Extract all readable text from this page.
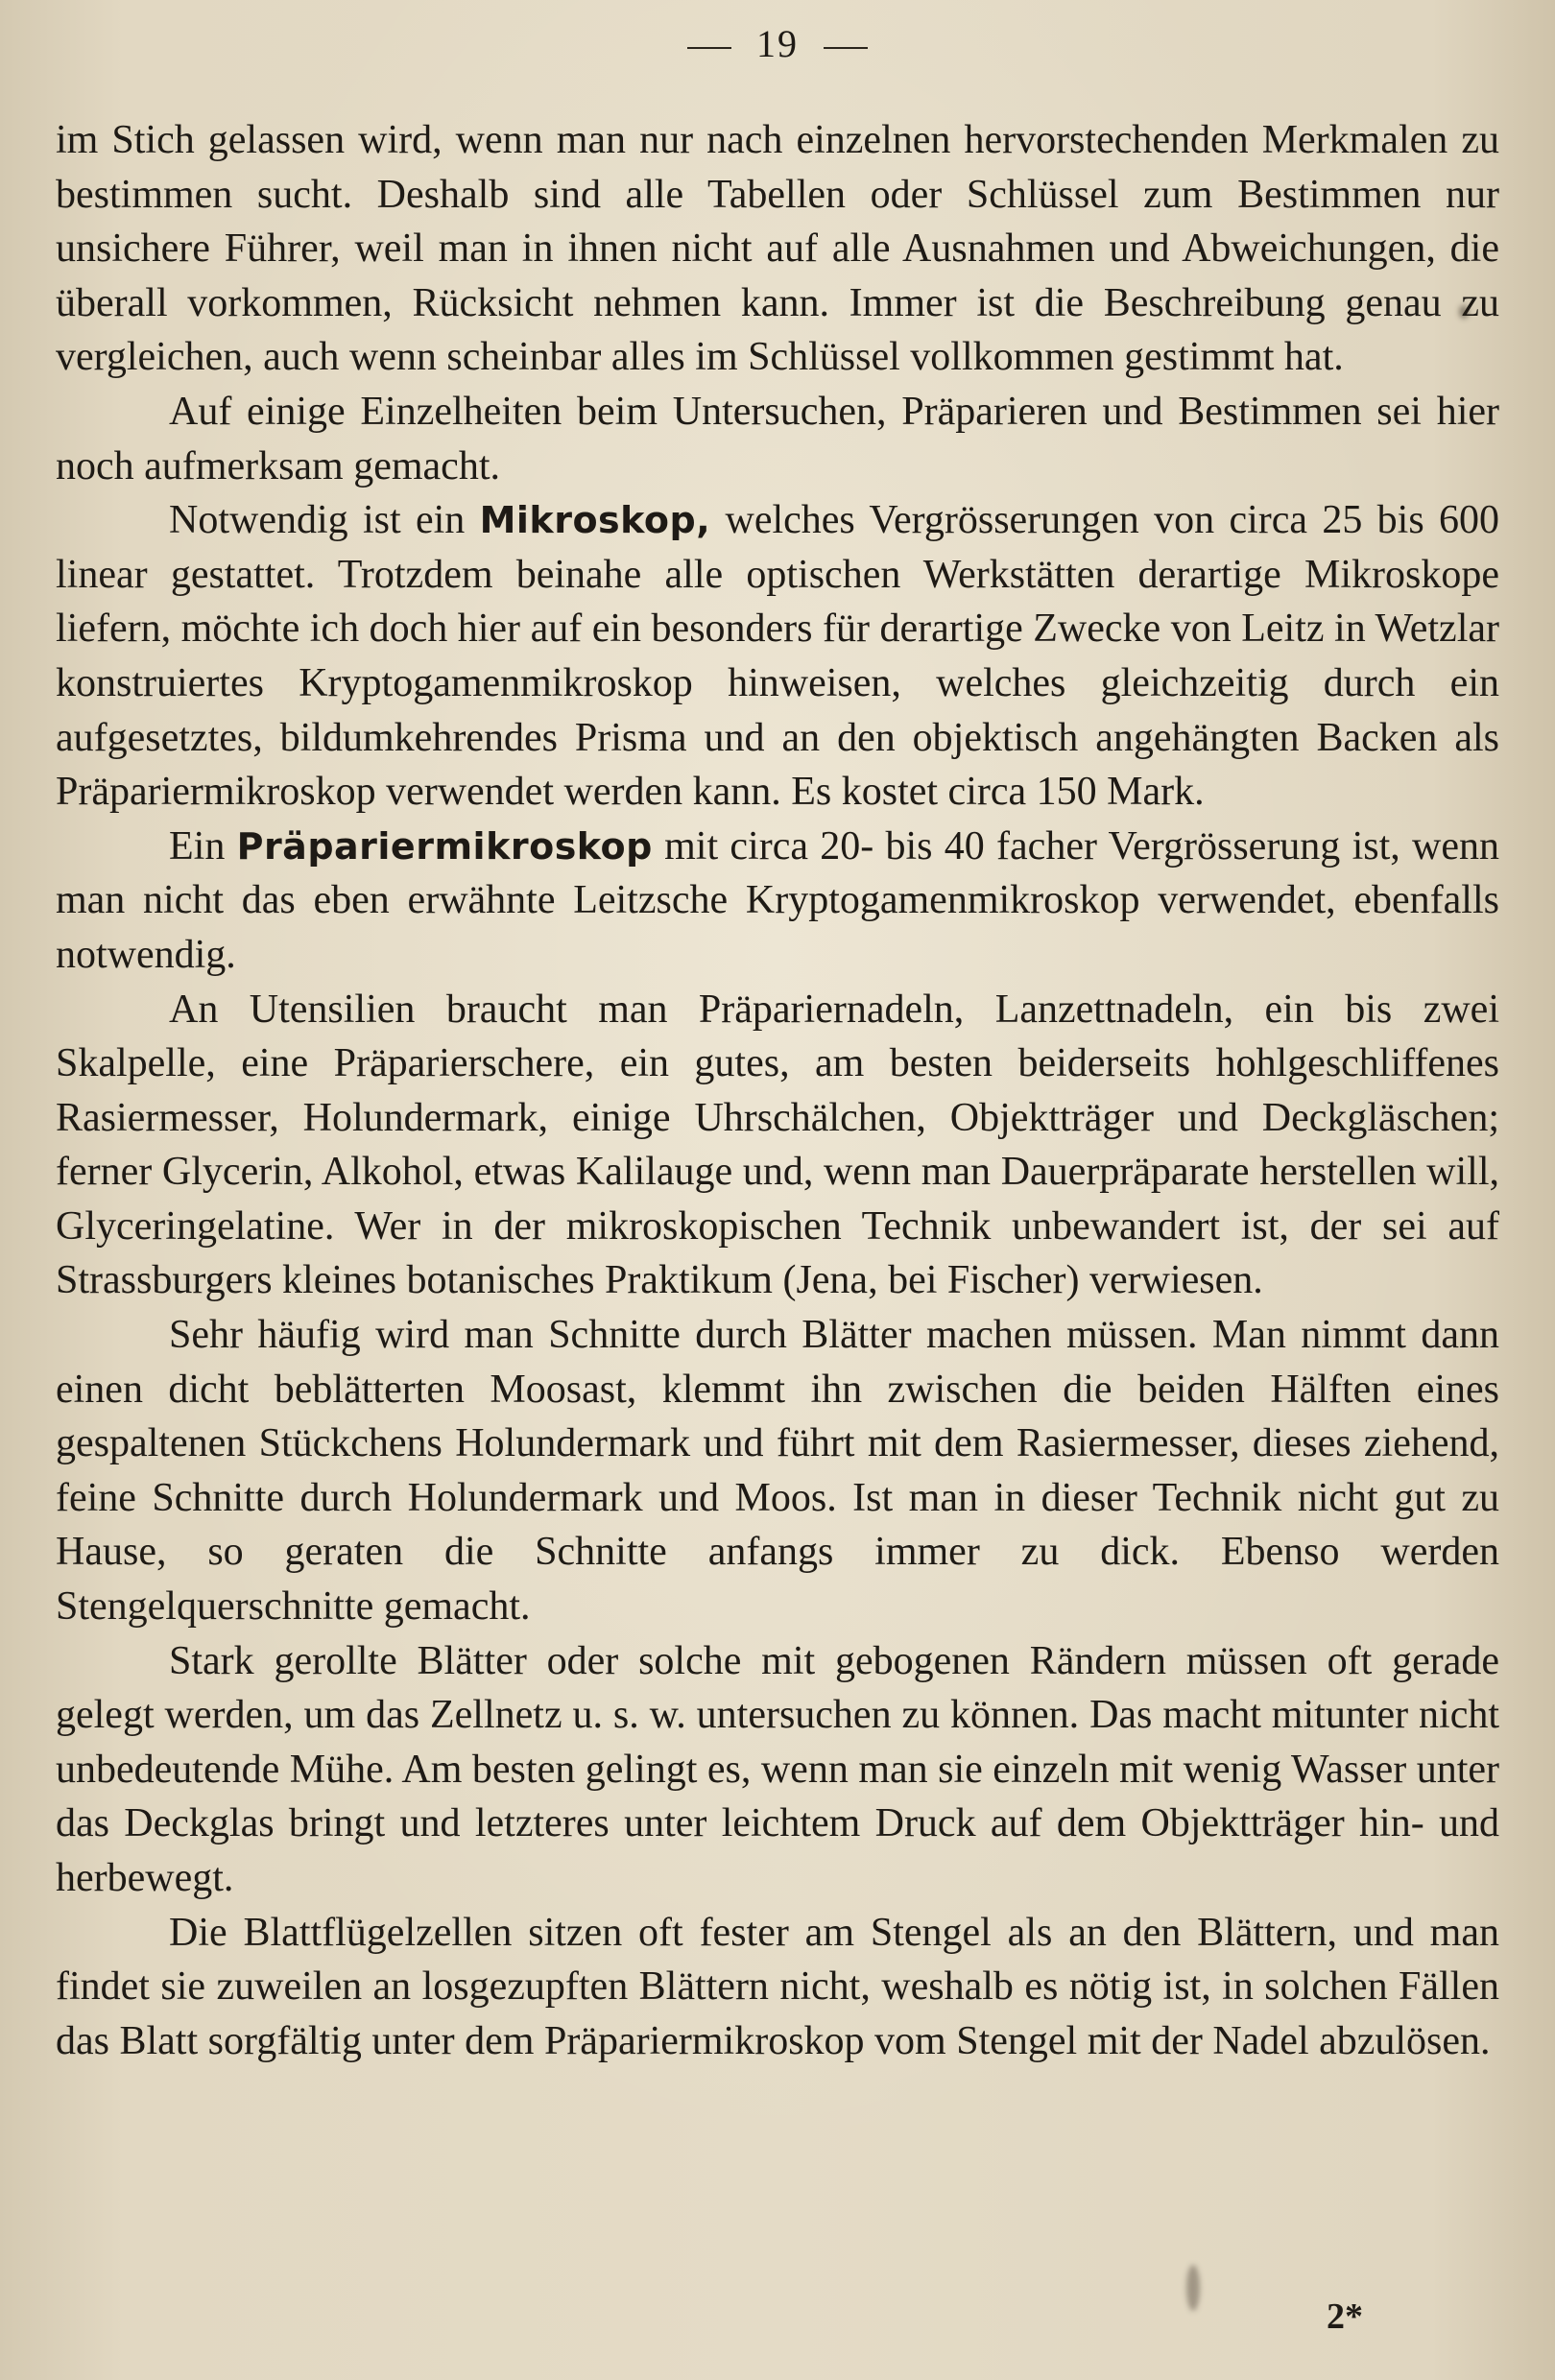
19

im Stich gelassen wird, wenn man nur nach einzelnen hervorstechenden Merkmalen zu bestimmen sucht. Deshalb sind alle Tabellen oder Schlüssel zum Bestimmen nur unsichere Führer, weil man in ihnen nicht auf alle Ausnahmen und Abweichungen, die überall vorkommen, Rücksicht nehmen kann. Immer ist die Beschreibung genau zu vergleichen, auch wenn scheinbar alles im Schlüssel vollkommen gestimmt hat.

Auf einige Einzelheiten beim Untersuchen, Präparieren und Bestimmen sei hier noch aufmerksam gemacht.

Notwendig ist ein Mikroskop, welches Vergrösserungen von circa 25 bis 600 linear gestattet. Trotzdem beinahe alle optischen Werkstätten derartige Mikroskope liefern, möchte ich doch hier auf ein besonders für derartige Zwecke von Leitz in Wetzlar konstruiertes Kryptogamenmikroskop hinweisen, welches gleichzeitig durch ein aufgesetztes, bildumkehrendes Prisma und an den objektisch angehängten Backen als Präpariermikroskop verwendet werden kann. Es kostet circa 150 Mark.

Ein Präpariermikroskop mit circa 20- bis 40 facher Vergrösserung ist, wenn man nicht das eben erwähnte Leitzsche Kryptogamenmikroskop verwendet, ebenfalls notwendig.

An Utensilien braucht man Präpariernadeln, Lanzettnadeln, ein bis zwei Skalpelle, eine Präparierschere, ein gutes, am besten beiderseits hohlgeschliffenes Rasiermesser, Holundermark, einige Uhrschälchen, Objektträger und Deckgläschen; ferner Glycerin, Alkohol, etwas Kalilauge und, wenn man Dauerpräparate herstellen will, Glyceringelatine. Wer in der mikroskopischen Technik unbewandert ist, der sei auf Strassburgers kleines botanisches Praktikum (Jena, bei Fischer) verwiesen.

Sehr häufig wird man Schnitte durch Blätter machen müssen. Man nimmt dann einen dicht beblätterten Moosast, klemmt ihn zwischen die beiden Hälften eines gespaltenen Stückchens Holundermark und führt mit dem Rasiermesser, dieses ziehend, feine Schnitte durch Holundermark und Moos. Ist man in dieser Technik nicht gut zu Hause, so geraten die Schnitte anfangs immer zu dick. Ebenso werden Stengelquerschnitte gemacht.

Stark gerollte Blätter oder solche mit gebogenen Rändern müssen oft gerade gelegt werden, um das Zellnetz u. s. w. untersuchen zu können. Das macht mitunter nicht unbedeutende Mühe. Am besten gelingt es, wenn man sie einzeln mit wenig Wasser unter das Deckglas bringt und letzteres unter leichtem Druck auf dem Objektträger hin- und herbewegt.

Die Blattflügelzellen sitzen oft fester am Stengel als an den Blättern, und man findet sie zuweilen an losgezupften Blättern nicht, weshalb es nötig ist, in solchen Fällen das Blatt sorgfältig unter dem Präpariermikroskop vom Stengel mit der Nadel abzulösen.

2*
